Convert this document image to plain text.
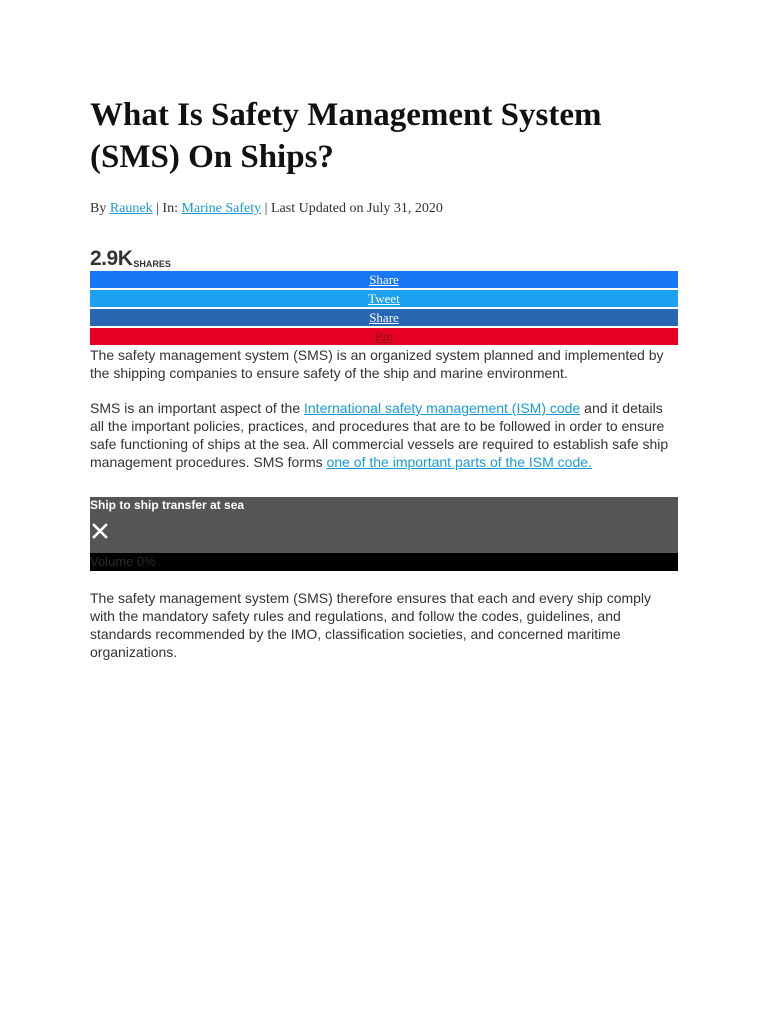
What Is Safety Management System (SMS) On Ships?
By Raunek | In: Marine Safety | Last Updated on July 31, 2020
2.9K SHARES
Share
Tweet
Share
Pin

The safety management system (SMS) is an organized system planned and implemented by the shipping companies to ensure safety of the ship and marine environment.

SMS is an important aspect of the International safety management (ISM) code and it details all the important policies, practices, and procedures that are to be followed in order to ensure safe functioning of ships at the sea. All commercial vessels are required to establish safe ship management procedures. SMS forms one of the important parts of the ISM code.

Ship to ship transfer at sea
Volume 0%

The safety management system (SMS) therefore ensures that each and every ship comply with the mandatory safety rules and regulations, and follow the codes, guidelines, and standards recommended by the IMO, classification societies, and concerned maritime organizations.
